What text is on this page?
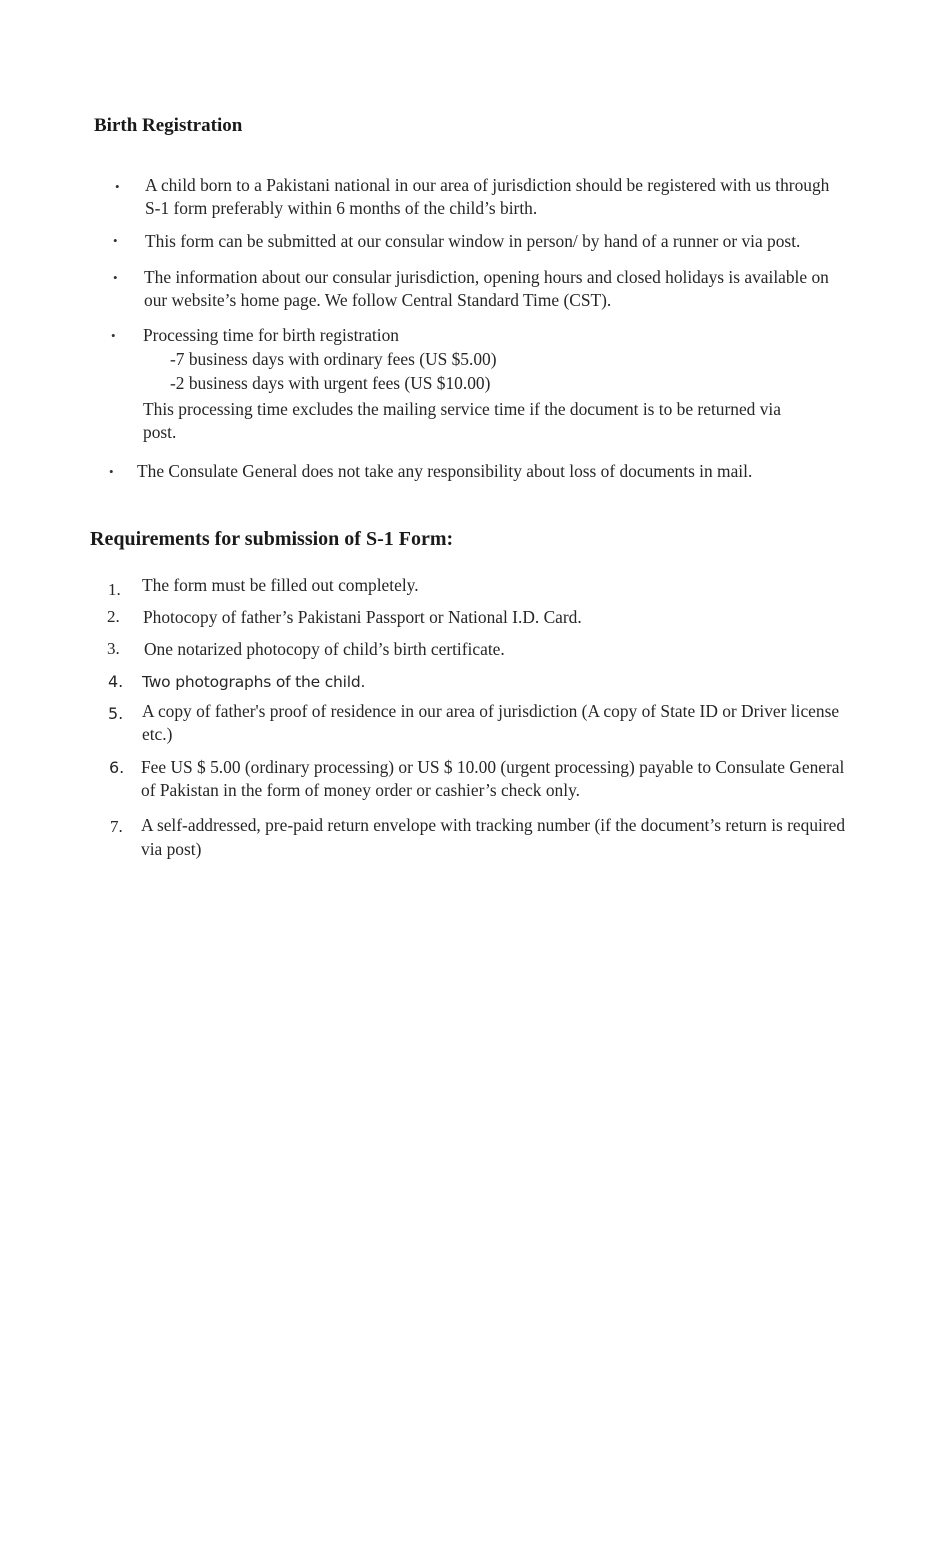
Birth Registration
• A child born to a Pakistani national in our area of jurisdiction should be registered with us through
S-1 form preferably within 6 months of the child’s birth.
• This form can be submitted at our consular window in person/ by hand of a runner or via post.
• The information about our consular jurisdiction, opening hours and closed holidays is available on
our website’s home page. We follow Central Standard Time (CST).
• Processing time for birth registration
-7 business days with ordinary fees (US $5.00)
-2 business days with urgent fees (US $10.00)
This processing time excludes the mailing service time if the document is to be returned via
post.
• The Consulate General does not take any responsibility about loss of documents in mail.
Requirements for submission of S-1 Form:
1. The form must be filled out completely.
2. Photocopy of father’s Pakistani Passport or National I.D. Card.
3. One notarized photocopy of child’s birth certificate.
4. Two photographs of the child.
5. A copy of father's proof of residence in our area of jurisdiction (A copy of State ID or Driver license
etc.)
6. Fee US $ 5.00 (ordinary processing) or US $ 10.00 (urgent processing) payable to Consulate General
of Pakistan in the form of money order or cashier’s check only.
7. A self-addressed, pre-paid return envelope with tracking number (if the document’s return is required
via post)
